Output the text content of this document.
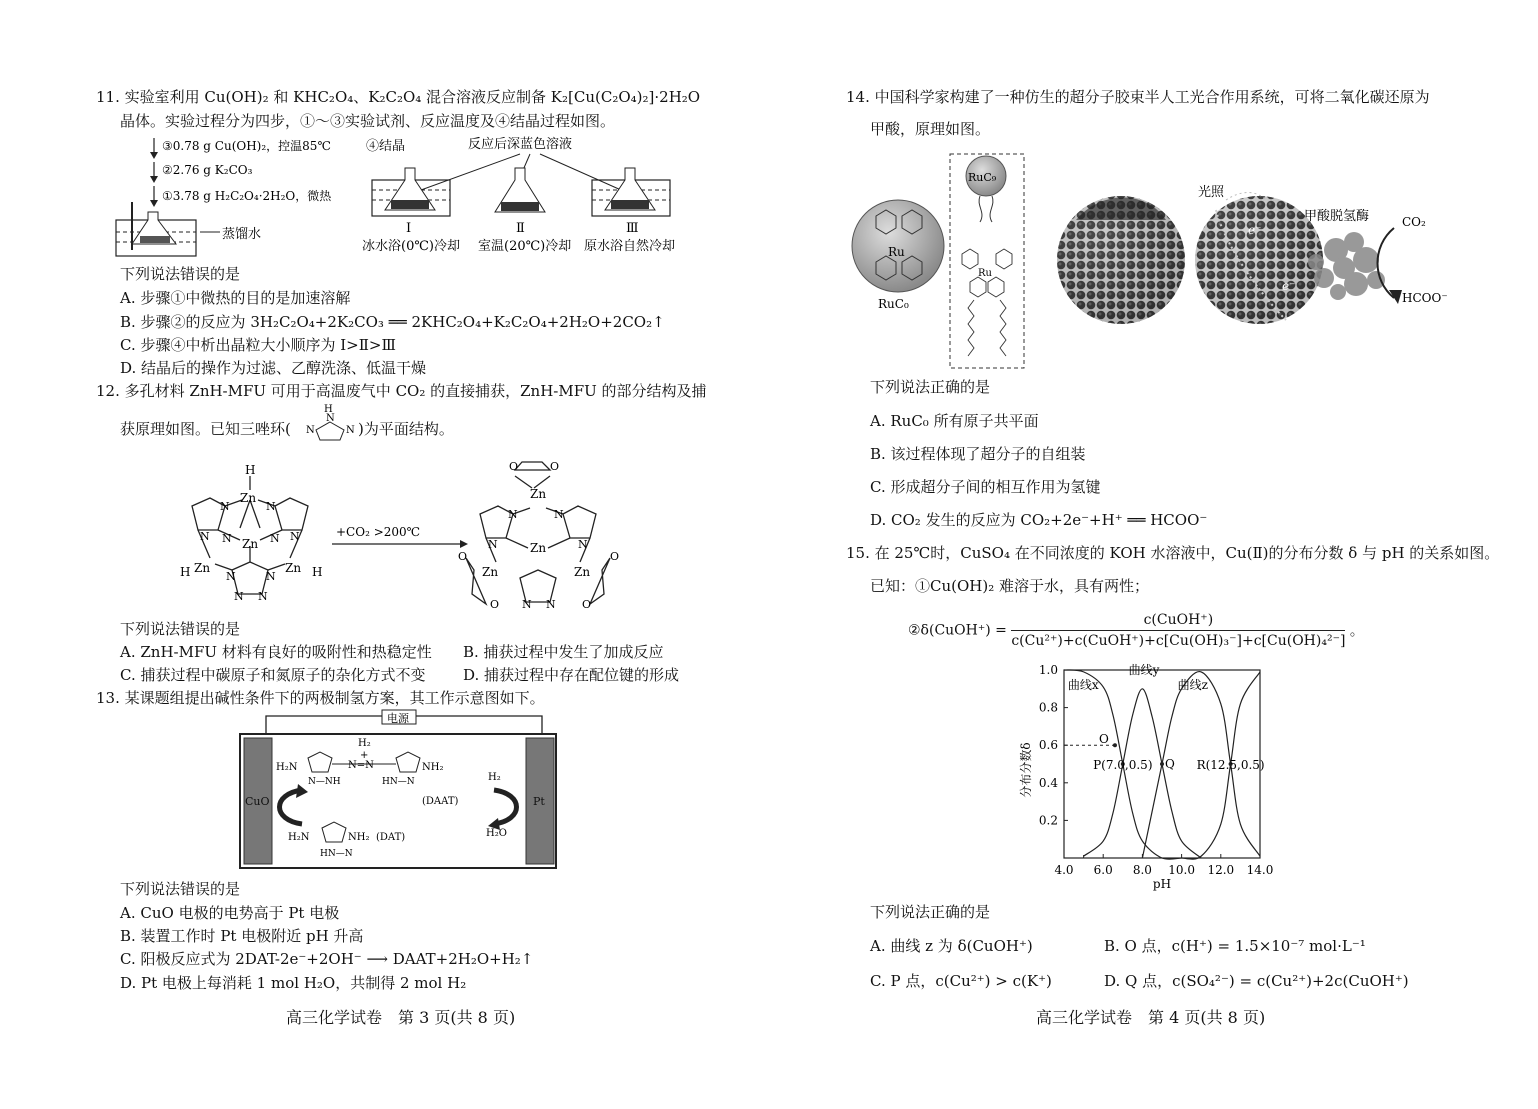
11. 实验室利用 Cu(OH)₂ 和 KHC₂O₄、K₂C₂O₄ 混合溶液反应制备 K₂[Cu(C₂O₄)₂]·2H₂O
晶体。实验过程分为四步，①～③实验试剂、反应温度及④结晶过程如图。
③0.78 g Cu(OH)₂，控温85℃
②2.76 g K₂CO₃
①3.78 g H₂C₂O₄·2H₂O，微热
蒸馏水
④结晶	反应后深蓝色溶液
Ⅰ
冰水浴(0℃)冷却
Ⅱ
室温(20℃)冷却
Ⅲ
原水浴自然冷却
下列说法错误的是
A. 步骤①中微热的目的是加速溶解
B. 步骤②的反应为 3H₂C₂O₄+2K₂CO₃ ══ 2KHC₂O₄+K₂C₂O₄+2H₂O+2CO₂↑
C. 步骤④中析出晶粒大小顺序为 Ⅰ>Ⅱ>Ⅲ
D. 结晶后的操作为过滤、乙醇洗涤、低温干燥
12. 多孔材料 ZnH-MFU 可用于高温废气中 CO₂ 的直接捕获，ZnH-MFU 的部分结构及捕
获原理如图。已知三唑环(
H
N
N	N )为平面结构。
H
Zn
N	N
Zn
N	N
N	N
H Zn	Zn H
N	N
N N
+CO₂ >200℃
O	O
Zn
N	N
Zn
N	N
Zn	Zn
O	O
O	O
N N
下列说法错误的是
A. ZnH-MFU 材料有良好的吸附性和热稳定性 B. 捕获过程中发生了加成反应
C. 捕获过程中碳原子和氮原子的杂化方式不变	D. 捕获过程中存在配位键的形成
13. 某课题组提出碱性条件下的两极制氢方案，其工作示意图如下。
电源
CuO	Pt
H₂
+
H₂N	N=N	NH₂
N—NH	HN—N
(DAAT)
H₂N	NH₂ (DAT)
HN—N
H₂
H₂O
下列说法错误的是
A. CuO 电极的电势高于 Pt 电极
B. 装置工作时 Pt 电极附近 pH 升高
C. 阳极反应式为 2DAT-2e⁻+2OH⁻ ⟶ DAAT+2H₂O+H₂↑
D. Pt 电极上每消耗 1 mol H₂O，共制得 2 mol H₂
高三化学试卷　第 3 页(共 8 页)
14. 中国科学家构建了一种仿生的超分子胶束半人工光合作用系统，可将二氧化碳还原为
甲酸，原理如图。
Ru
RuC₀
RuC₉
Ru
光照
e⁻
e⁻
甲酸脱氢酶	CO₂
HCOO⁻
下列说法正确的是
A. RuC₀ 所有原子共平面
B. 该过程体现了超分子的自组装
C. 形成超分子间的相互作用为氢键
D. CO₂ 发生的反应为 CO₂+2e⁻+H⁺ ══ HCOO⁻
15. 在 25℃时，CuSO₄ 在不同浓度的 KOH 水溶液中，Cu(Ⅱ)的分布分数 δ 与 pH 的关系如图。
已知：①Cu(OH)₂ 难溶于水，具有两性；
②δ(CuOH⁺) = $\frac{\text{c(CuOH⁺)}}{\text{c(Cu²⁺)+c(CuOH⁺)+c[Cu(OH)₃⁻]+c[Cu(OH)₄²⁻]}}$ 。
4.0 6.0 8.0 10.0 12.0 14.0
0.2
0.4
0.6
0.8
1.0
曲线x
曲线y
曲线z
O
P(7.0,0.5) Q R(12.5,0.5)
分布分数δ
pH
下列说法正确的是
A. 曲线 z 为 δ(CuOH⁺)	B. O 点，c(H⁺) = 1.5×10⁻⁷ mol·L⁻¹
C. P 点，c(Cu²⁺) > c(K⁺)	D. Q 点，c(SO₄²⁻) = c(Cu²⁺)+2c(CuOH⁺)
高三化学试卷　第 4 页(共 8 页)
